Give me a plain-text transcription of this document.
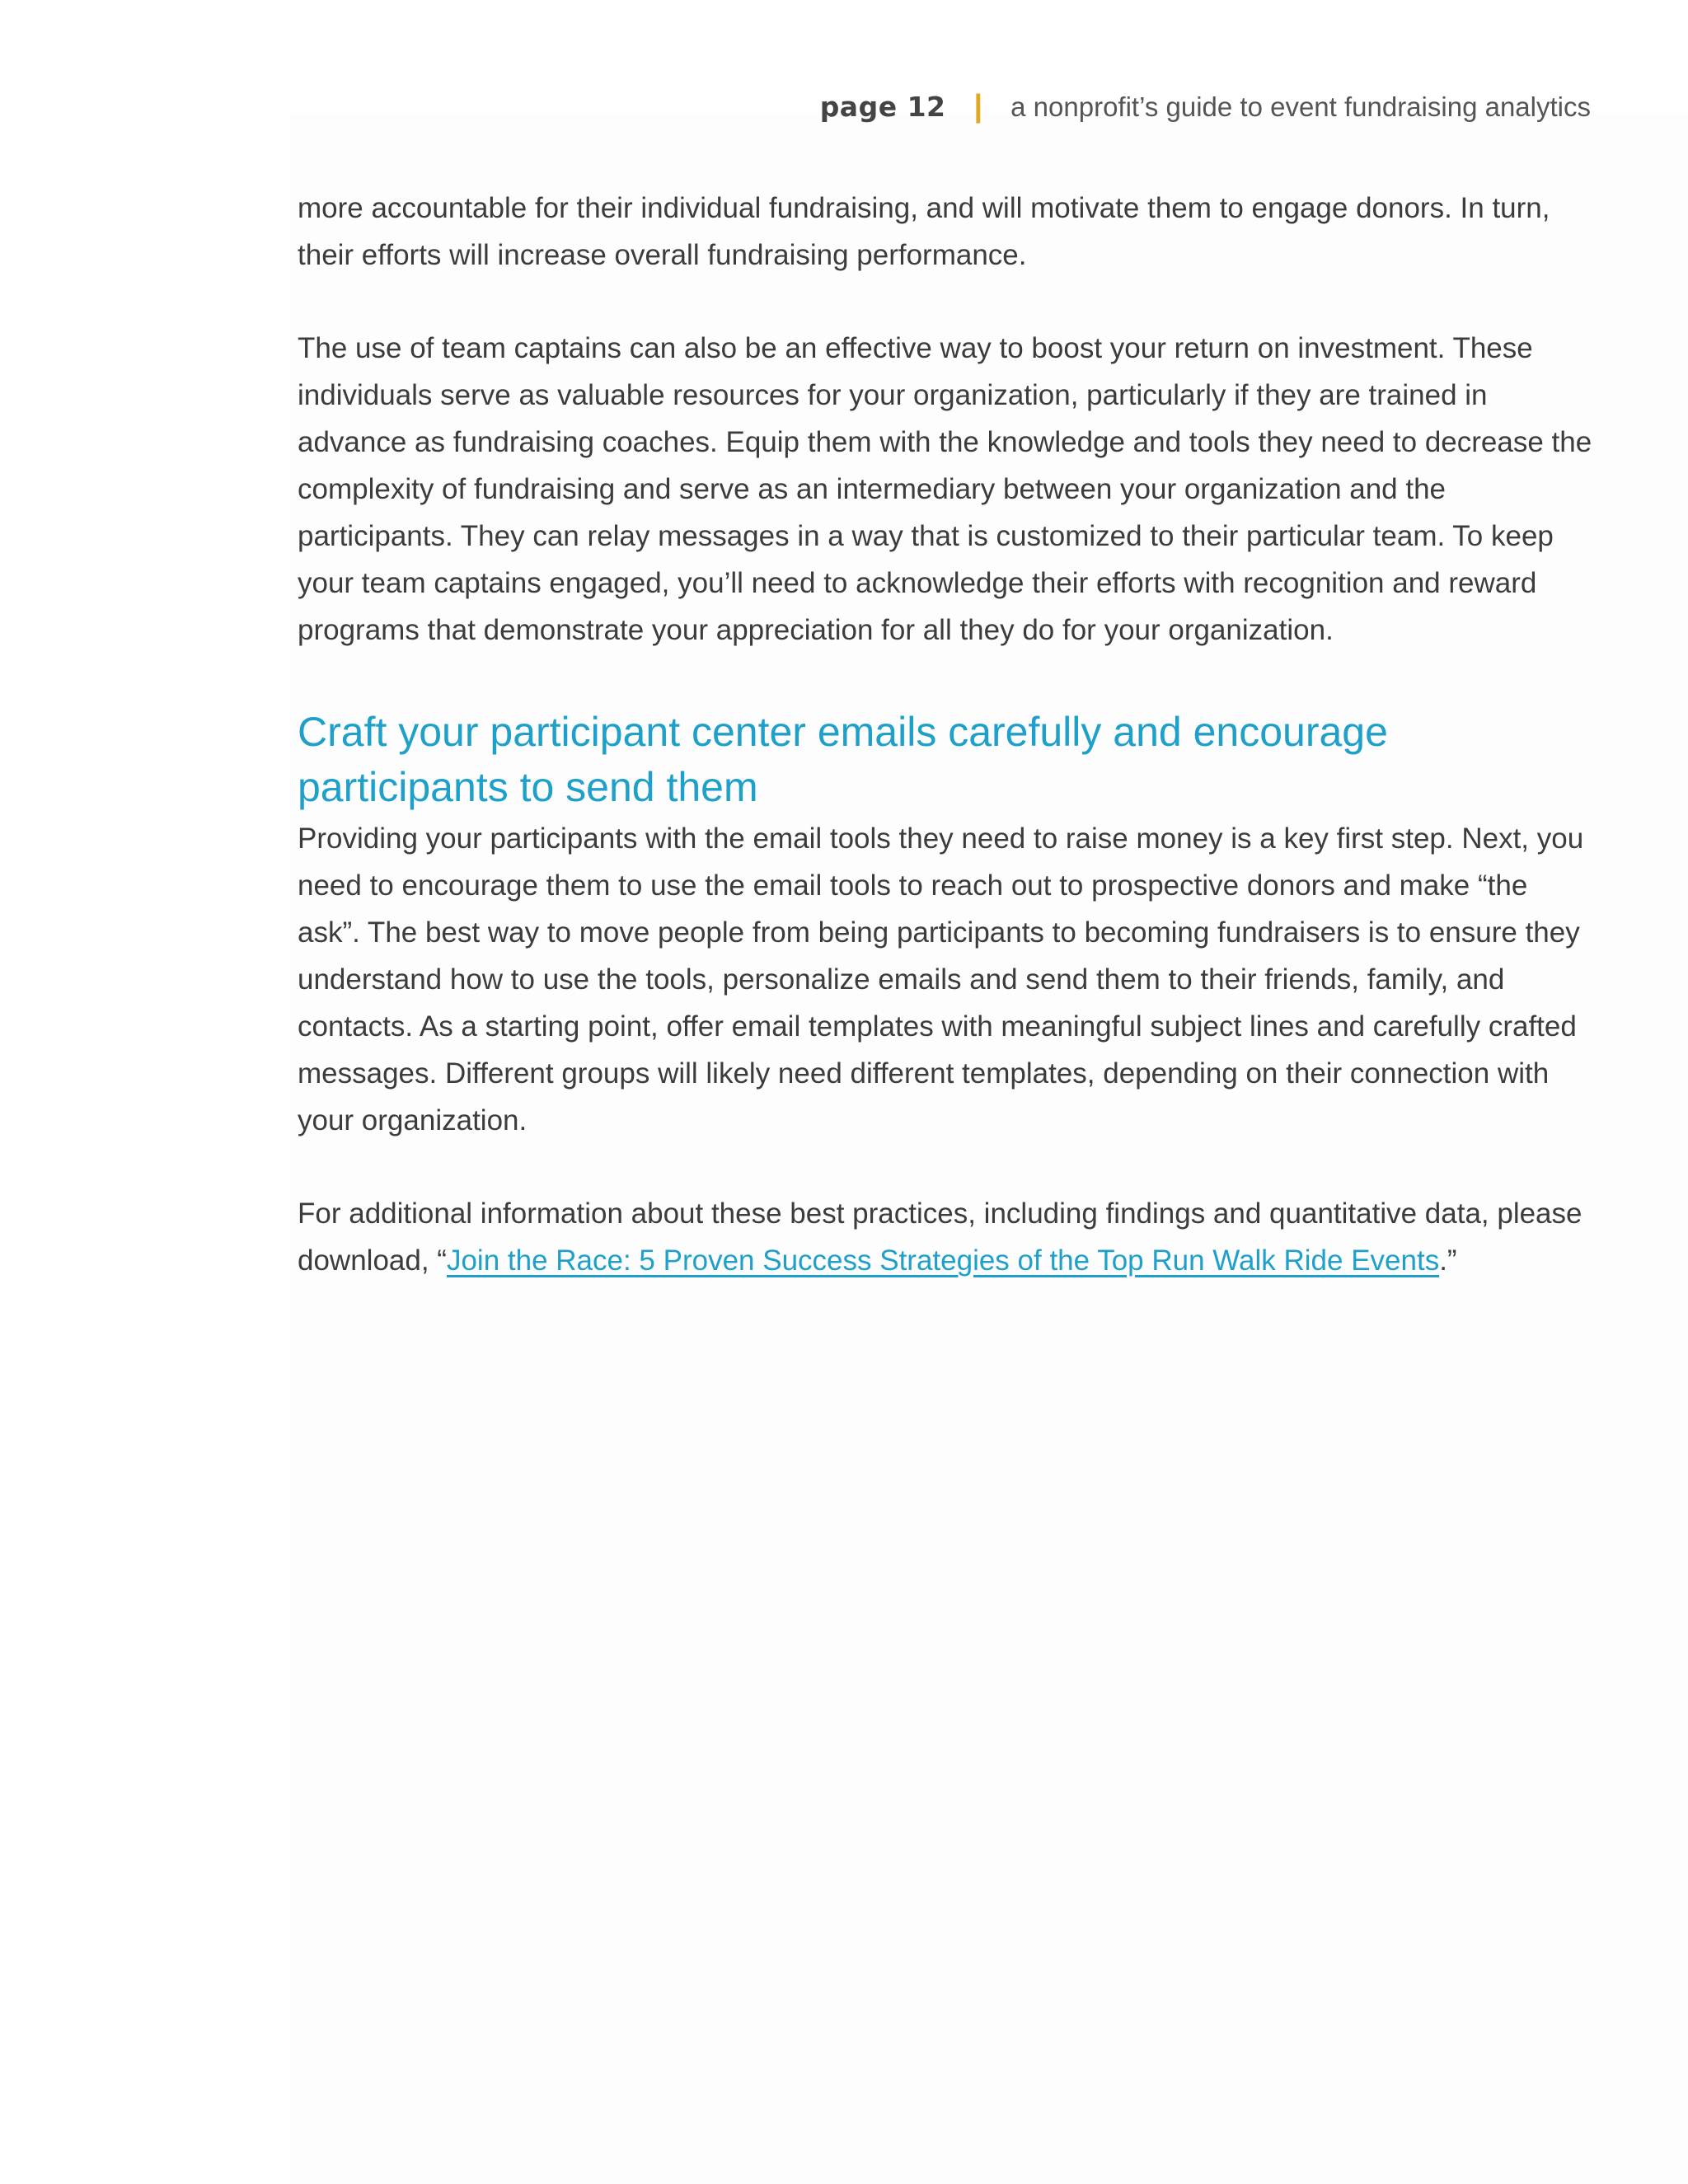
page 12 | a nonprofit’s guide to event fundraising analytics

more accountable for their individual fundraising, and will motivate them to engage donors. In turn, their efforts will increase overall fundraising performance.

The use of team captains can also be an effective way to boost your return on investment. These individuals serve as valuable resources for your organization, particularly if they are trained in advance as fundraising coaches. Equip them with the knowledge and tools they need to decrease the complexity of fundraising and serve as an intermediary between your organization and the participants. They can relay messages in a way that is customized to their particular team. To keep your team captains engaged, you’ll need to acknowledge their efforts with recognition and reward programs that demonstrate your appreciation for all they do for your organization.

Craft your participant center emails carefully and encourage participants to send them

Providing your participants with the email tools they need to raise money is a key first step. Next, you need to encourage them to use the email tools to reach out to prospective donors and make “the ask”. The best way to move people from being participants to becoming fundraisers is to ensure they understand how to use the tools, personalize emails and send them to their friends, family, and contacts. As a starting point, offer email templates with meaningful subject lines and carefully crafted messages. Different groups will likely need different templates, depending on their connection with your organization.

For additional information about these best practices, including findings and quantitative data, please download, “Join the Race: 5 Proven Success Strategies of the Top Run Walk Ride Events.”
